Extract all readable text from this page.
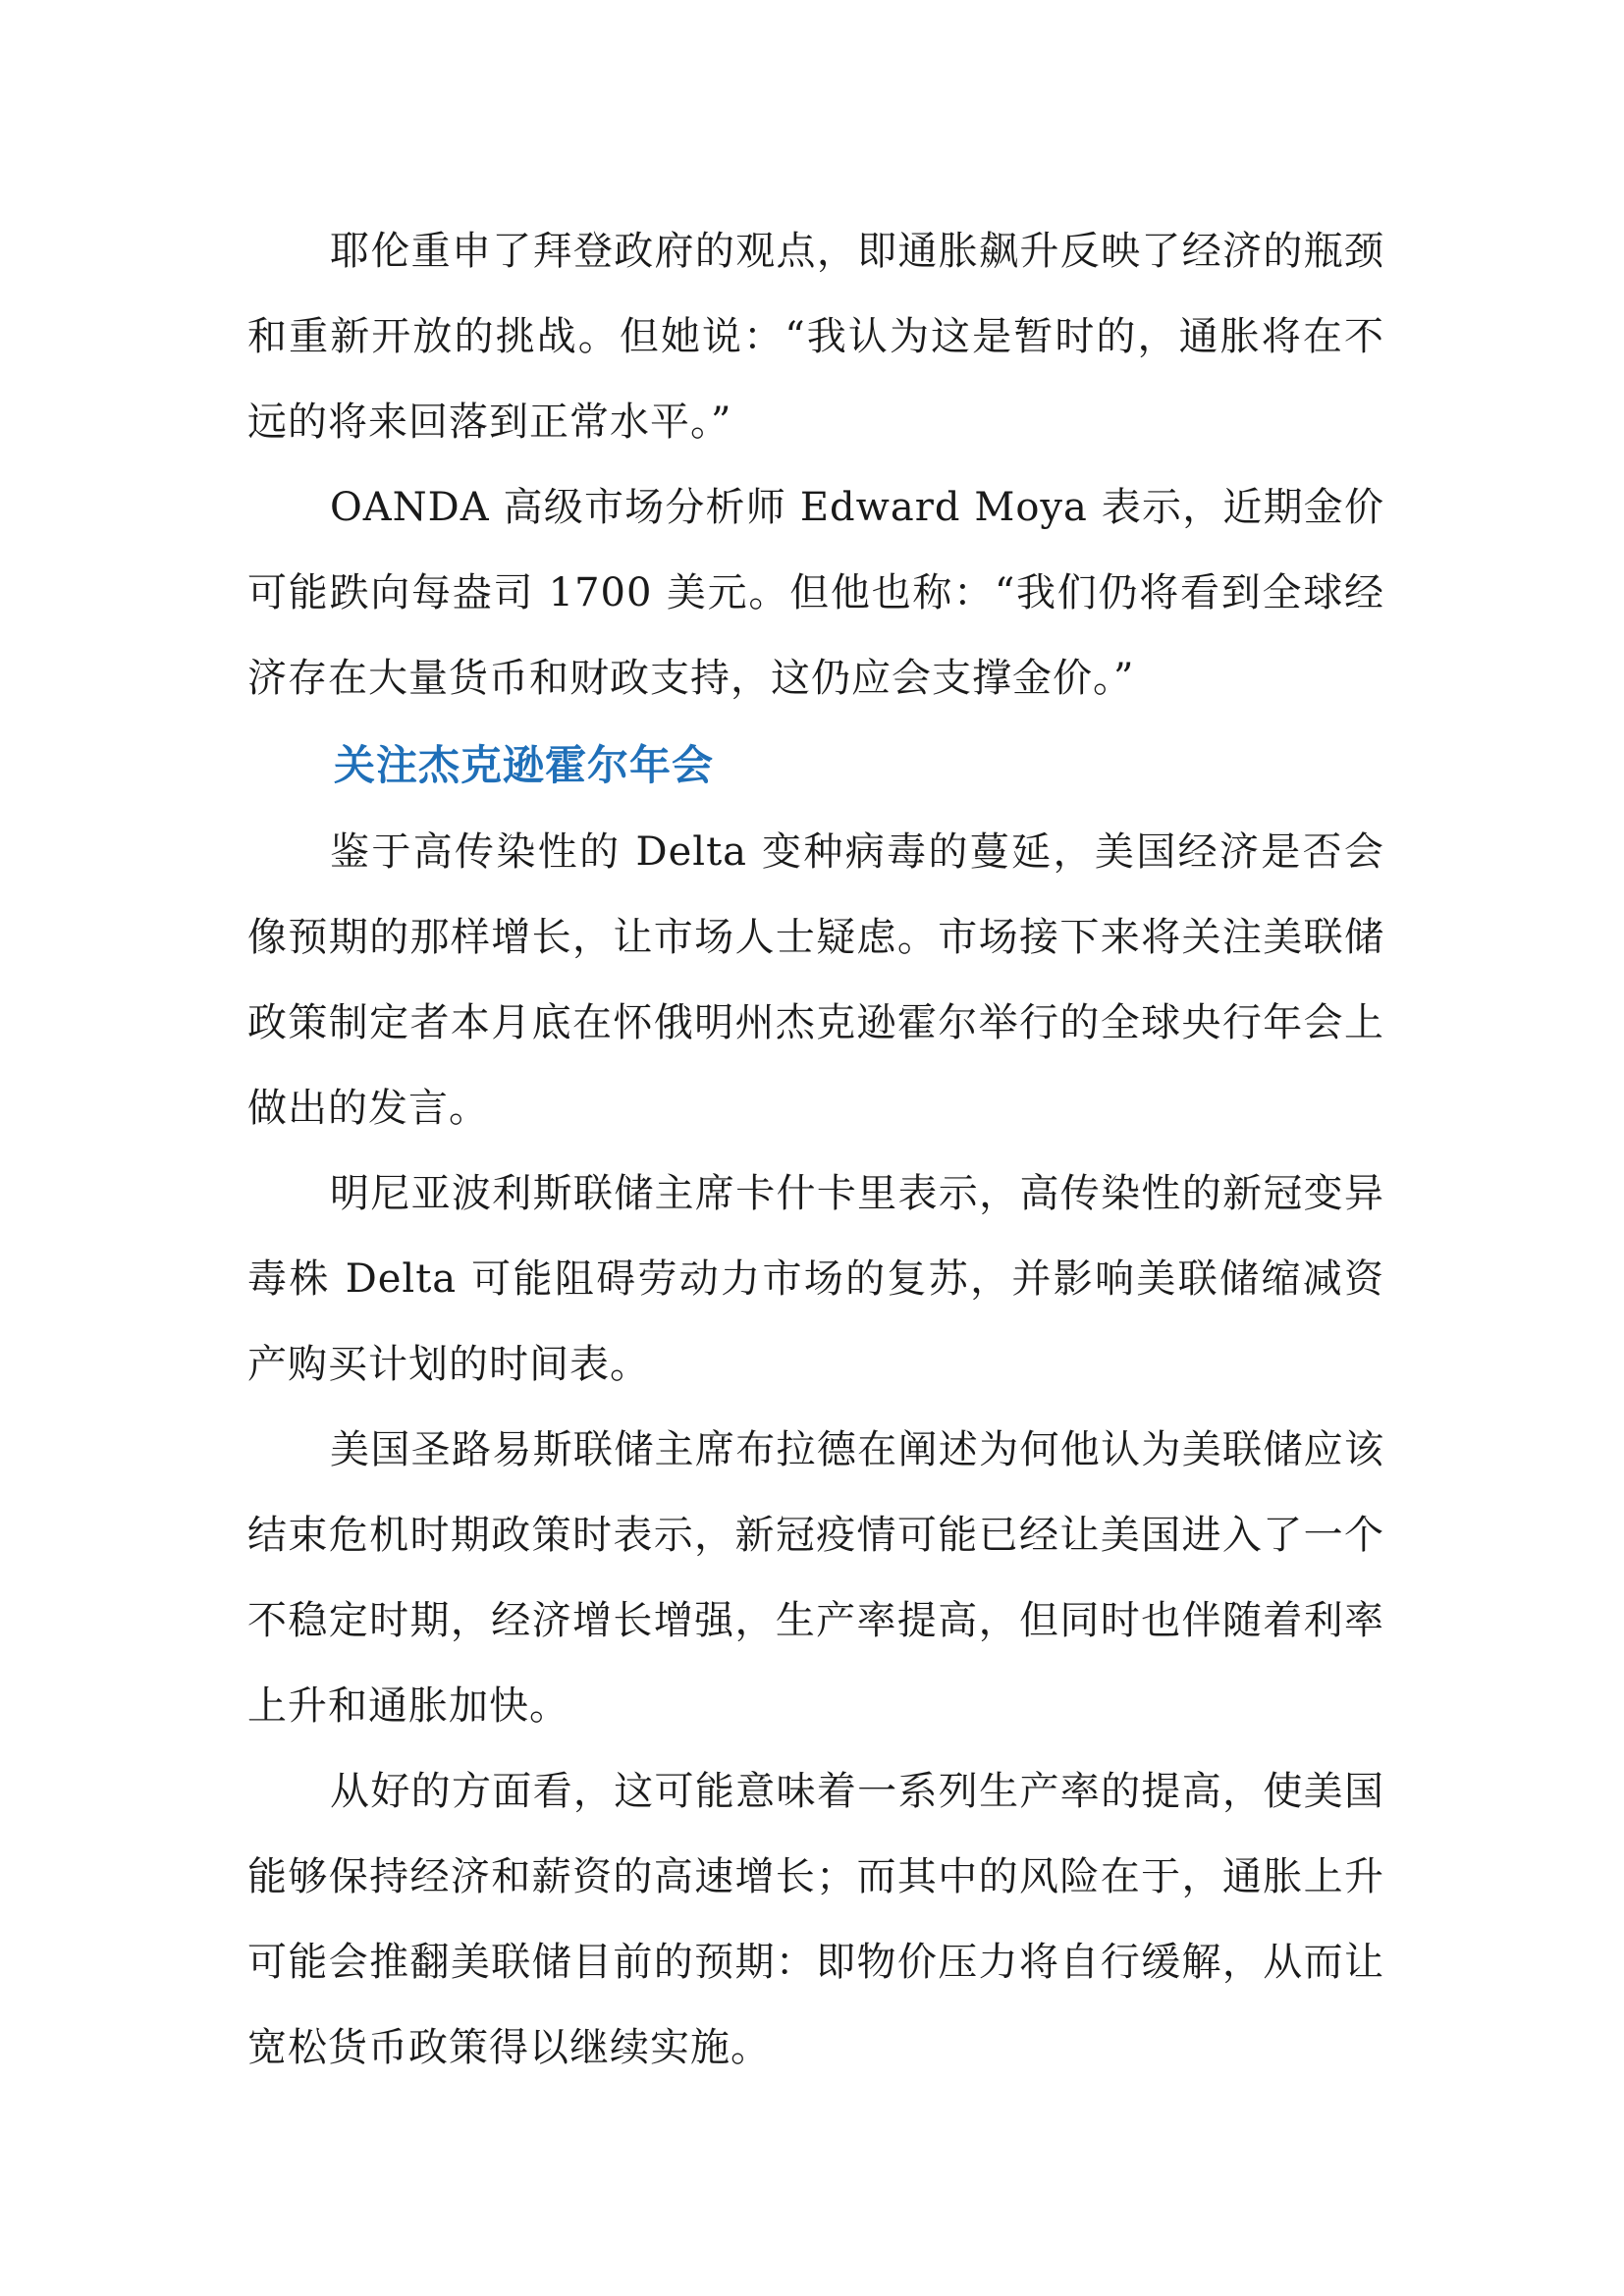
耶伦重申了拜登政府的观点，即通胀飙升反映了经济的瓶颈和重新开放的挑战。但她说：“我认为这是暂时的，通胀将在不远的将来回落到正常水平。”

OANDA 高级市场分析师 Edward Moya 表示，近期金价可能跌向每盎司 1700 美元。但他也称：“我们仍将看到全球经济存在大量货币和财政支持，这仍应会支撑金价。”

关注杰克逊霍尔年会

鉴于高传染性的 Delta 变种病毒的蔓延，美国经济是否会像预期的那样增长，让市场人士疑虑。市场接下来将关注美联储政策制定者本月底在怀俄明州杰克逊霍尔举行的全球央行年会上做出的发言。

明尼亚波利斯联储主席卡什卡里表示，高传染性的新冠变异毒株 Delta 可能阻碍劳动力市场的复苏，并影响美联储缩减资产购买计划的时间表。

美国圣路易斯联储主席布拉德在阐述为何他认为美联储应该结束危机时期政策时表示，新冠疫情可能已经让美国进入了一个不稳定时期，经济增长增强，生产率提高，但同时也伴随着利率上升和通胀加快。

从好的方面看，这可能意味着一系列生产率的提高，使美国能够保持经济和薪资的高速增长；而其中的风险在于，通胀上升可能会推翻美联储目前的预期：即物价压力将自行缓解，从而让宽松货币政策得以继续实施。
